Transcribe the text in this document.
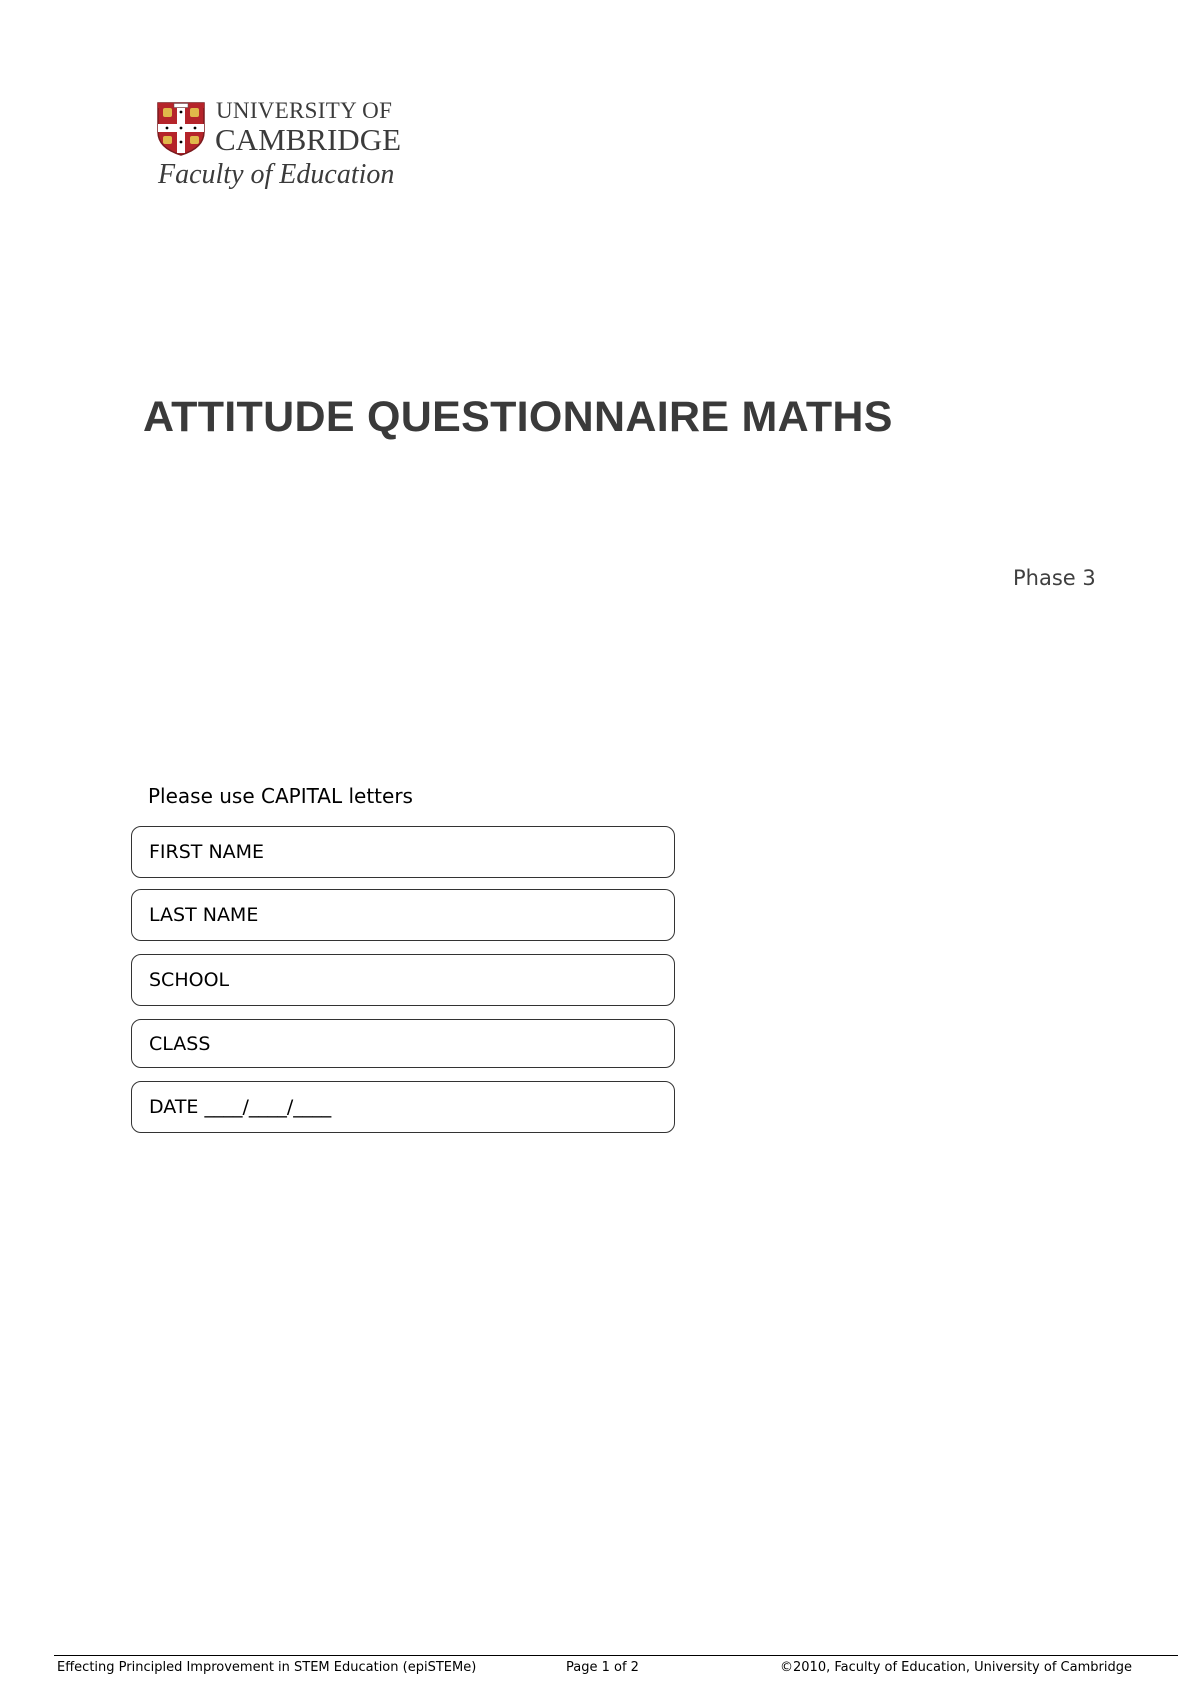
UNIVERSITY OF
CAMBRIDGE
Faculty of Education
ATTITUDE QUESTIONNAIRE MATHS
Phase 3
Please use CAPITAL letters
FIRST NAME
LAST NAME
SCHOOL
CLASS
DATE ____/____/____
Effecting Principled Improvement in STEM Education (epiSTEMe)	Page 1 of 2	©2010, Faculty of Education, University of Cambridge
